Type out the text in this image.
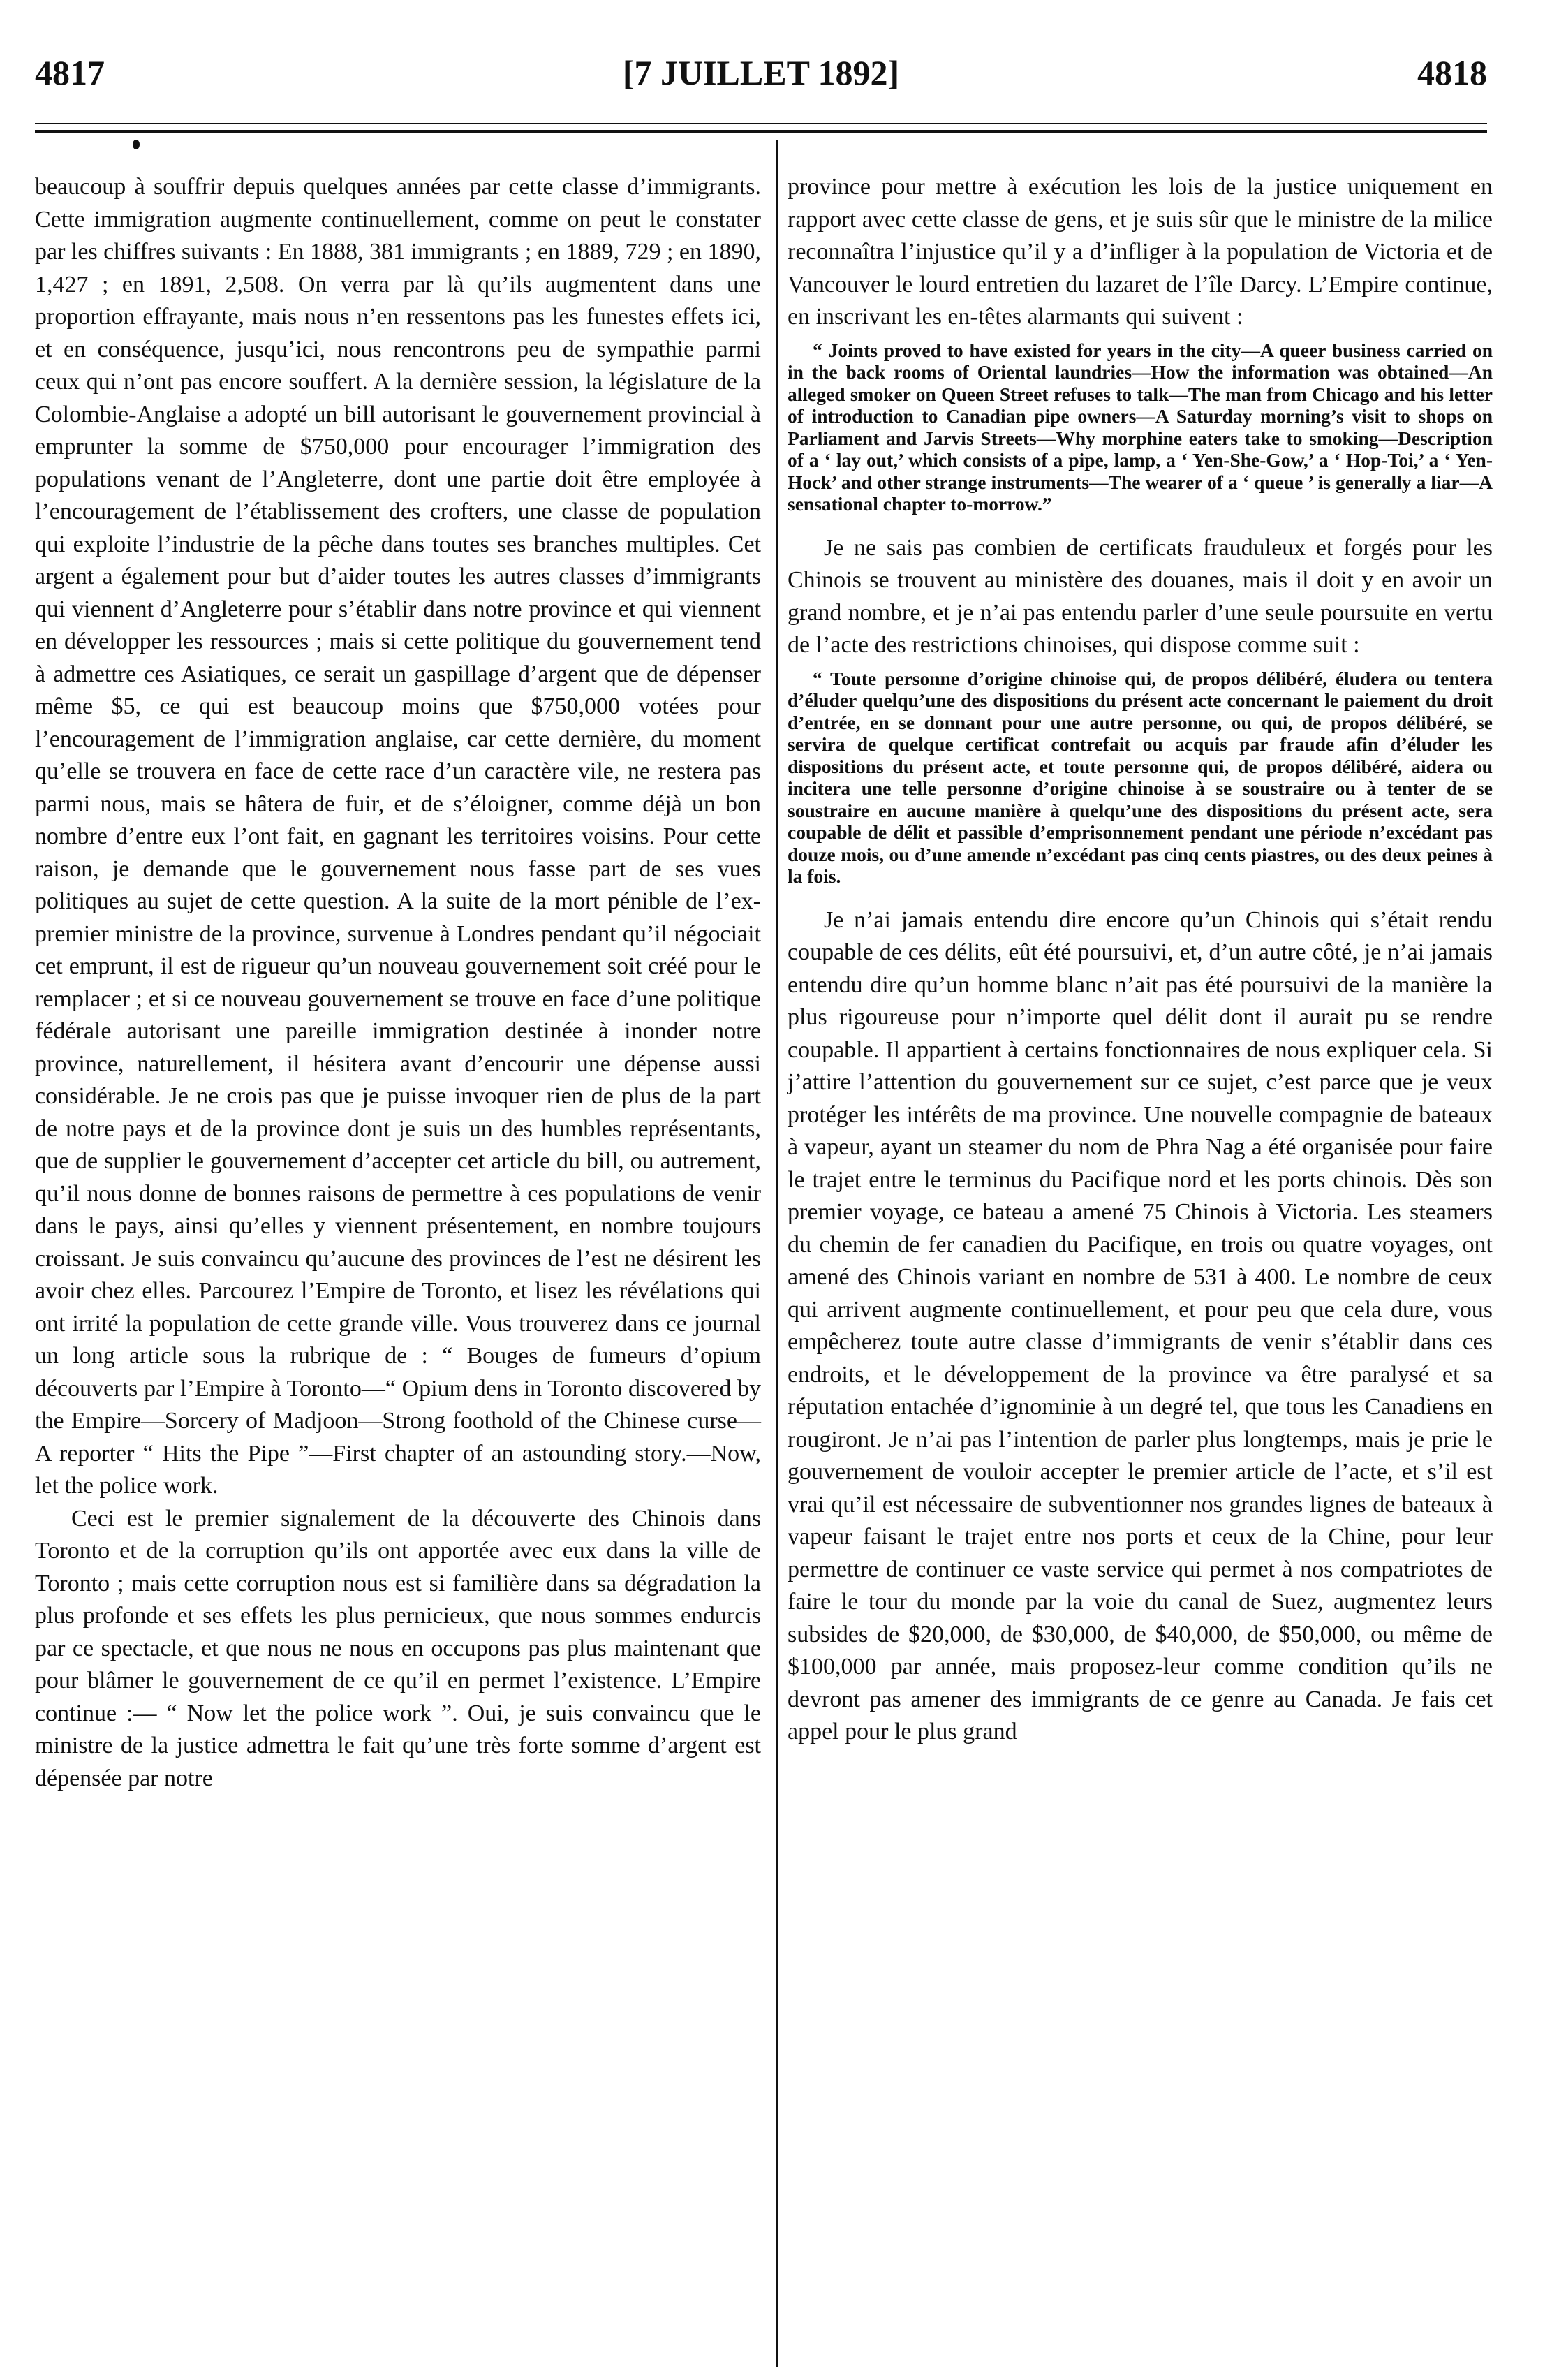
4817	[7 JUILLET 1892]	4818

beaucoup à souffrir depuis quelques années par cette classe d’immigrants. Cette immigration augmente continuellement, comme on peut le constater par les chiffres suivants : En 1888, 381 immigrants ; en 1889, 729 ; en 1890, 1,427 ; en 1891, 2,508. On verra par là qu’ils augmentent dans une proportion effrayante, mais nous n’en ressentons pas les funestes effets ici, et en conséquence, jusqu’ici, nous rencontrons peu de sympathie parmi ceux qui n’ont pas encore souffert. A la dernière session, la législature de la Colombie-Anglaise a adopté un bill autorisant le gouvernement provincial à emprunter la somme de $750,000 pour encourager l’immigration des populations venant de l’Angleterre, dont une partie doit être employée à l’encouragement de l’établissement des crofters, une classe de population qui exploite l’industrie de la pêche dans toutes ses branches multiples. Cet argent a également pour but d’aider toutes les autres classes d’immigrants qui viennent d’Angleterre pour s’établir dans notre province et qui viennent en développer les ressources ; mais si cette politique du gouvernement tend à admettre ces Asiatiques, ce serait un gaspillage d’argent que de dépenser même $5, ce qui est beaucoup moins que $750,000 votées pour l’encouragement de l’immigration anglaise, car cette dernière, du moment qu’elle se trouvera en face de cette race d’un caractère vile, ne restera pas parmi nous, mais se hâtera de fuir, et de s’éloigner, comme déjà un bon nombre d’entre eux l’ont fait, en gagnant les territoires voisins. Pour cette raison, je demande que le gouvernement nous fasse part de ses vues politiques au sujet de cette question. A la suite de la mort pénible de l’ex-premier ministre de la province, survenue à Londres pendant qu’il négociait cet emprunt, il est de rigueur qu’un nouveau gouvernement soit créé pour le remplacer ; et si ce nouveau gouvernement se trouve en face d’une politique fédérale autorisant une pareille immigration destinée à inonder notre province, naturellement, il hésitera avant d’encourir une dépense aussi considérable. Je ne crois pas que je puisse invoquer rien de plus de la part de notre pays et de la province dont je suis un des humbles représentants, que de supplier le gouvernement d’accepter cet article du bill, ou autrement, qu’il nous donne de bonnes raisons de permettre à ces populations de venir dans le pays, ainsi qu’elles y viennent présentement, en nombre toujours croissant. Je suis convaincu qu’aucune des provinces de l’est ne désirent les avoir chez elles. Parcourez l’Empire de Toronto, et lisez les révélations qui ont irrité la population de cette grande ville. Vous trouverez dans ce journal un long article sous la rubrique de : “ Bouges de fumeurs d’opium découverts par l’Empire à Toronto—“ Opium dens in Toronto discovered by the Empire—Sorcery of Madjoon—Strong foothold of the Chinese curse—A reporter “ Hits the Pipe ”—First chapter of an astounding story.—Now, let the police work.

Ceci est le premier signalement de la découverte des Chinois dans Toronto et de la corruption qu’ils ont apportée avec eux dans la ville de Toronto ; mais cette corruption nous est si familière dans sa dégradation la plus profonde et ses effets les plus pernicieux, que nous sommes endurcis par ce spectacle, et que nous ne nous en occupons pas plus maintenant que pour blâmer le gouvernement de ce qu’il en permet l’existence. L’Empire continue :— “ Now let the police work ”. Oui, je suis convaincu que le ministre de la justice admettra le fait qu’une très forte somme d’argent est dépensée par notre

province pour mettre à exécution les lois de la justice uniquement en rapport avec cette classe de gens, et je suis sûr que le ministre de la milice reconnaîtra l’injustice qu’il y a d’infliger à la population de Victoria et de Vancouver le lourd entretien du lazaret de l’île Darcy. L’Empire continue, en inscrivant les en-têtes alarmants qui suivent :

“ Joints proved to have existed for years in the city—A queer business carried on in the back rooms of Oriental laundries—How the information was obtained—An alleged smoker on Queen Street refuses to talk—The man from Chicago and his letter of introduction to Canadian pipe owners—A Saturday morning’s visit to shops on Parliament and Jarvis Streets—Why morphine eaters take to smoking—Description of a ‘ lay out,’ which consists of a pipe, lamp, a ‘ Yen-She-Gow,’ a ‘ Hop-Toi,’ a ‘ Yen-Hock’ and other strange instruments—The wearer of a ‘ queue ’ is generally a liar—A sensational chapter to-morrow.”

Je ne sais pas combien de certificats frauduleux et forgés pour les Chinois se trouvent au ministère des douanes, mais il doit y en avoir un grand nombre, et je n’ai pas entendu parler d’une seule poursuite en vertu de l’acte des restrictions chinoises, qui dispose comme suit :

“ Toute personne d’origine chinoise qui, de propos délibéré, éludera ou tentera d’éluder quelqu’une des dispositions du présent acte concernant le paiement du droit d’entrée, en se donnant pour une autre personne, ou qui, de propos délibéré, se servira de quelque certificat contrefait ou acquis par fraude afin d’éluder les dispositions du présent acte, et toute personne qui, de propos délibéré, aidera ou incitera une telle personne d’origine chinoise à se soustraire ou à tenter de se soustraire en aucune manière à quelqu’une des dispositions du présent acte, sera coupable de délit et passible d’emprisonnement pendant une période n’excédant pas douze mois, ou d’une amende n’excédant pas cinq cents piastres, ou des deux peines à la fois.

Je n’ai jamais entendu dire encore qu’un Chinois qui s’était rendu coupable de ces délits, eût été poursuivi, et, d’un autre côté, je n’ai jamais entendu dire qu’un homme blanc n’ait pas été poursuivi de la manière la plus rigoureuse pour n’importe quel délit dont il aurait pu se rendre coupable. Il appartient à certains fonctionnaires de nous expliquer cela. Si j’attire l’attention du gouvernement sur ce sujet, c’est parce que je veux protéger les intérêts de ma province. Une nouvelle compagnie de bateaux à vapeur, ayant un steamer du nom de Phra Nag a été organisée pour faire le trajet entre le terminus du Pacifique nord et les ports chinois. Dès son premier voyage, ce bateau a amené 75 Chinois à Victoria. Les steamers du chemin de fer canadien du Pacifique, en trois ou quatre voyages, ont amené des Chinois variant en nombre de 531 à 400. Le nombre de ceux qui arrivent augmente continuellement, et pour peu que cela dure, vous empêcherez toute autre classe d’immigrants de venir s’établir dans ces endroits, et le développement de la province va être paralysé et sa réputation entachée d’ignominie à un degré tel, que tous les Canadiens en rougiront. Je n’ai pas l’intention de parler plus longtemps, mais je prie le gouvernement de vouloir accepter le premier article de l’acte, et s’il est vrai qu’il est nécessaire de subventionner nos grandes lignes de bateaux à vapeur faisant le trajet entre nos ports et ceux de la Chine, pour leur permettre de continuer ce vaste service qui permet à nos compatriotes de faire le tour du monde par la voie du canal de Suez, augmentez leurs subsides de $20,000, de $30,000, de $40,000, de $50,000, ou même de $100,000 par année, mais proposez-leur comme condition qu’ils ne devront pas amener des immigrants de ce genre au Canada. Je fais cet appel pour le plus grand
